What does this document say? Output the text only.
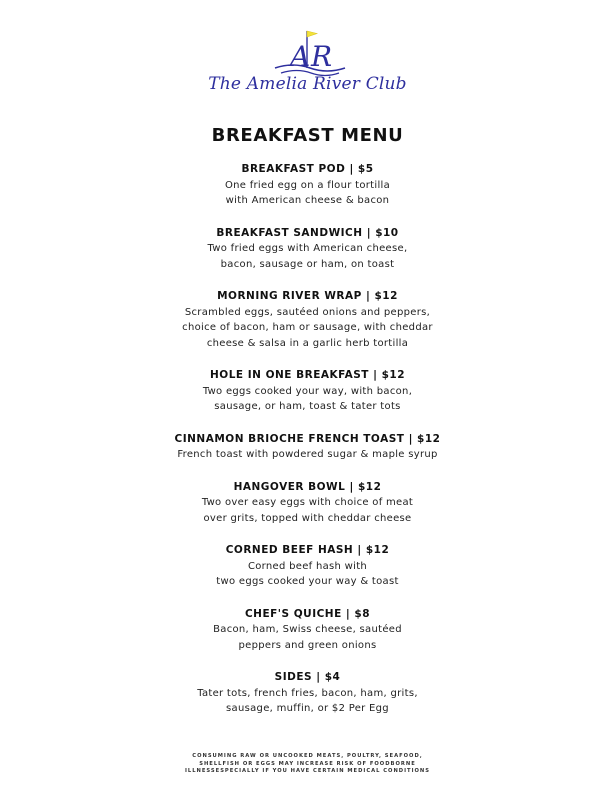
A R
The Amelia River Club
BREAKFAST MENU
BREAKFAST POD | $5
One fried egg on a flour tortilla
with American cheese & bacon
BREAKFAST SANDWICH | $10
Two fried eggs with American cheese,
bacon, sausage or ham, on toast
MORNING RIVER WRAP | $12
Scrambled eggs, sautéed onions and peppers,
choice of bacon, ham or sausage, with cheddar
cheese & salsa in a garlic herb tortilla
HOLE IN ONE BREAKFAST | $12
Two eggs cooked your way, with bacon,
sausage, or ham, toast & tater tots
CINNAMON BRIOCHE FRENCH TOAST | $12
French toast with powdered sugar & maple syrup
HANGOVER BOWL | $12
Two over easy eggs with choice of meat
over grits, topped with cheddar cheese
CORNED BEEF HASH | $12
Corned beef hash with
two eggs cooked your way & toast
CHEF'S QUICHE | $8
Bacon, ham, Swiss cheese, sautéed
peppers and green onions
SIDES | $4
Tater tots, french fries, bacon, ham, grits,
sausage, muffin, or $2 Per Egg
CONSUMING RAW OR UNCOOKED MEATS, POULTRY, SEAFOOD,
SHELLFISH OR EGGS MAY INCREASE RISK OF FOODBORNE
ILLNESSESPECIALLY IF YOU HAVE CERTAIN MEDICAL CONDITIONS
